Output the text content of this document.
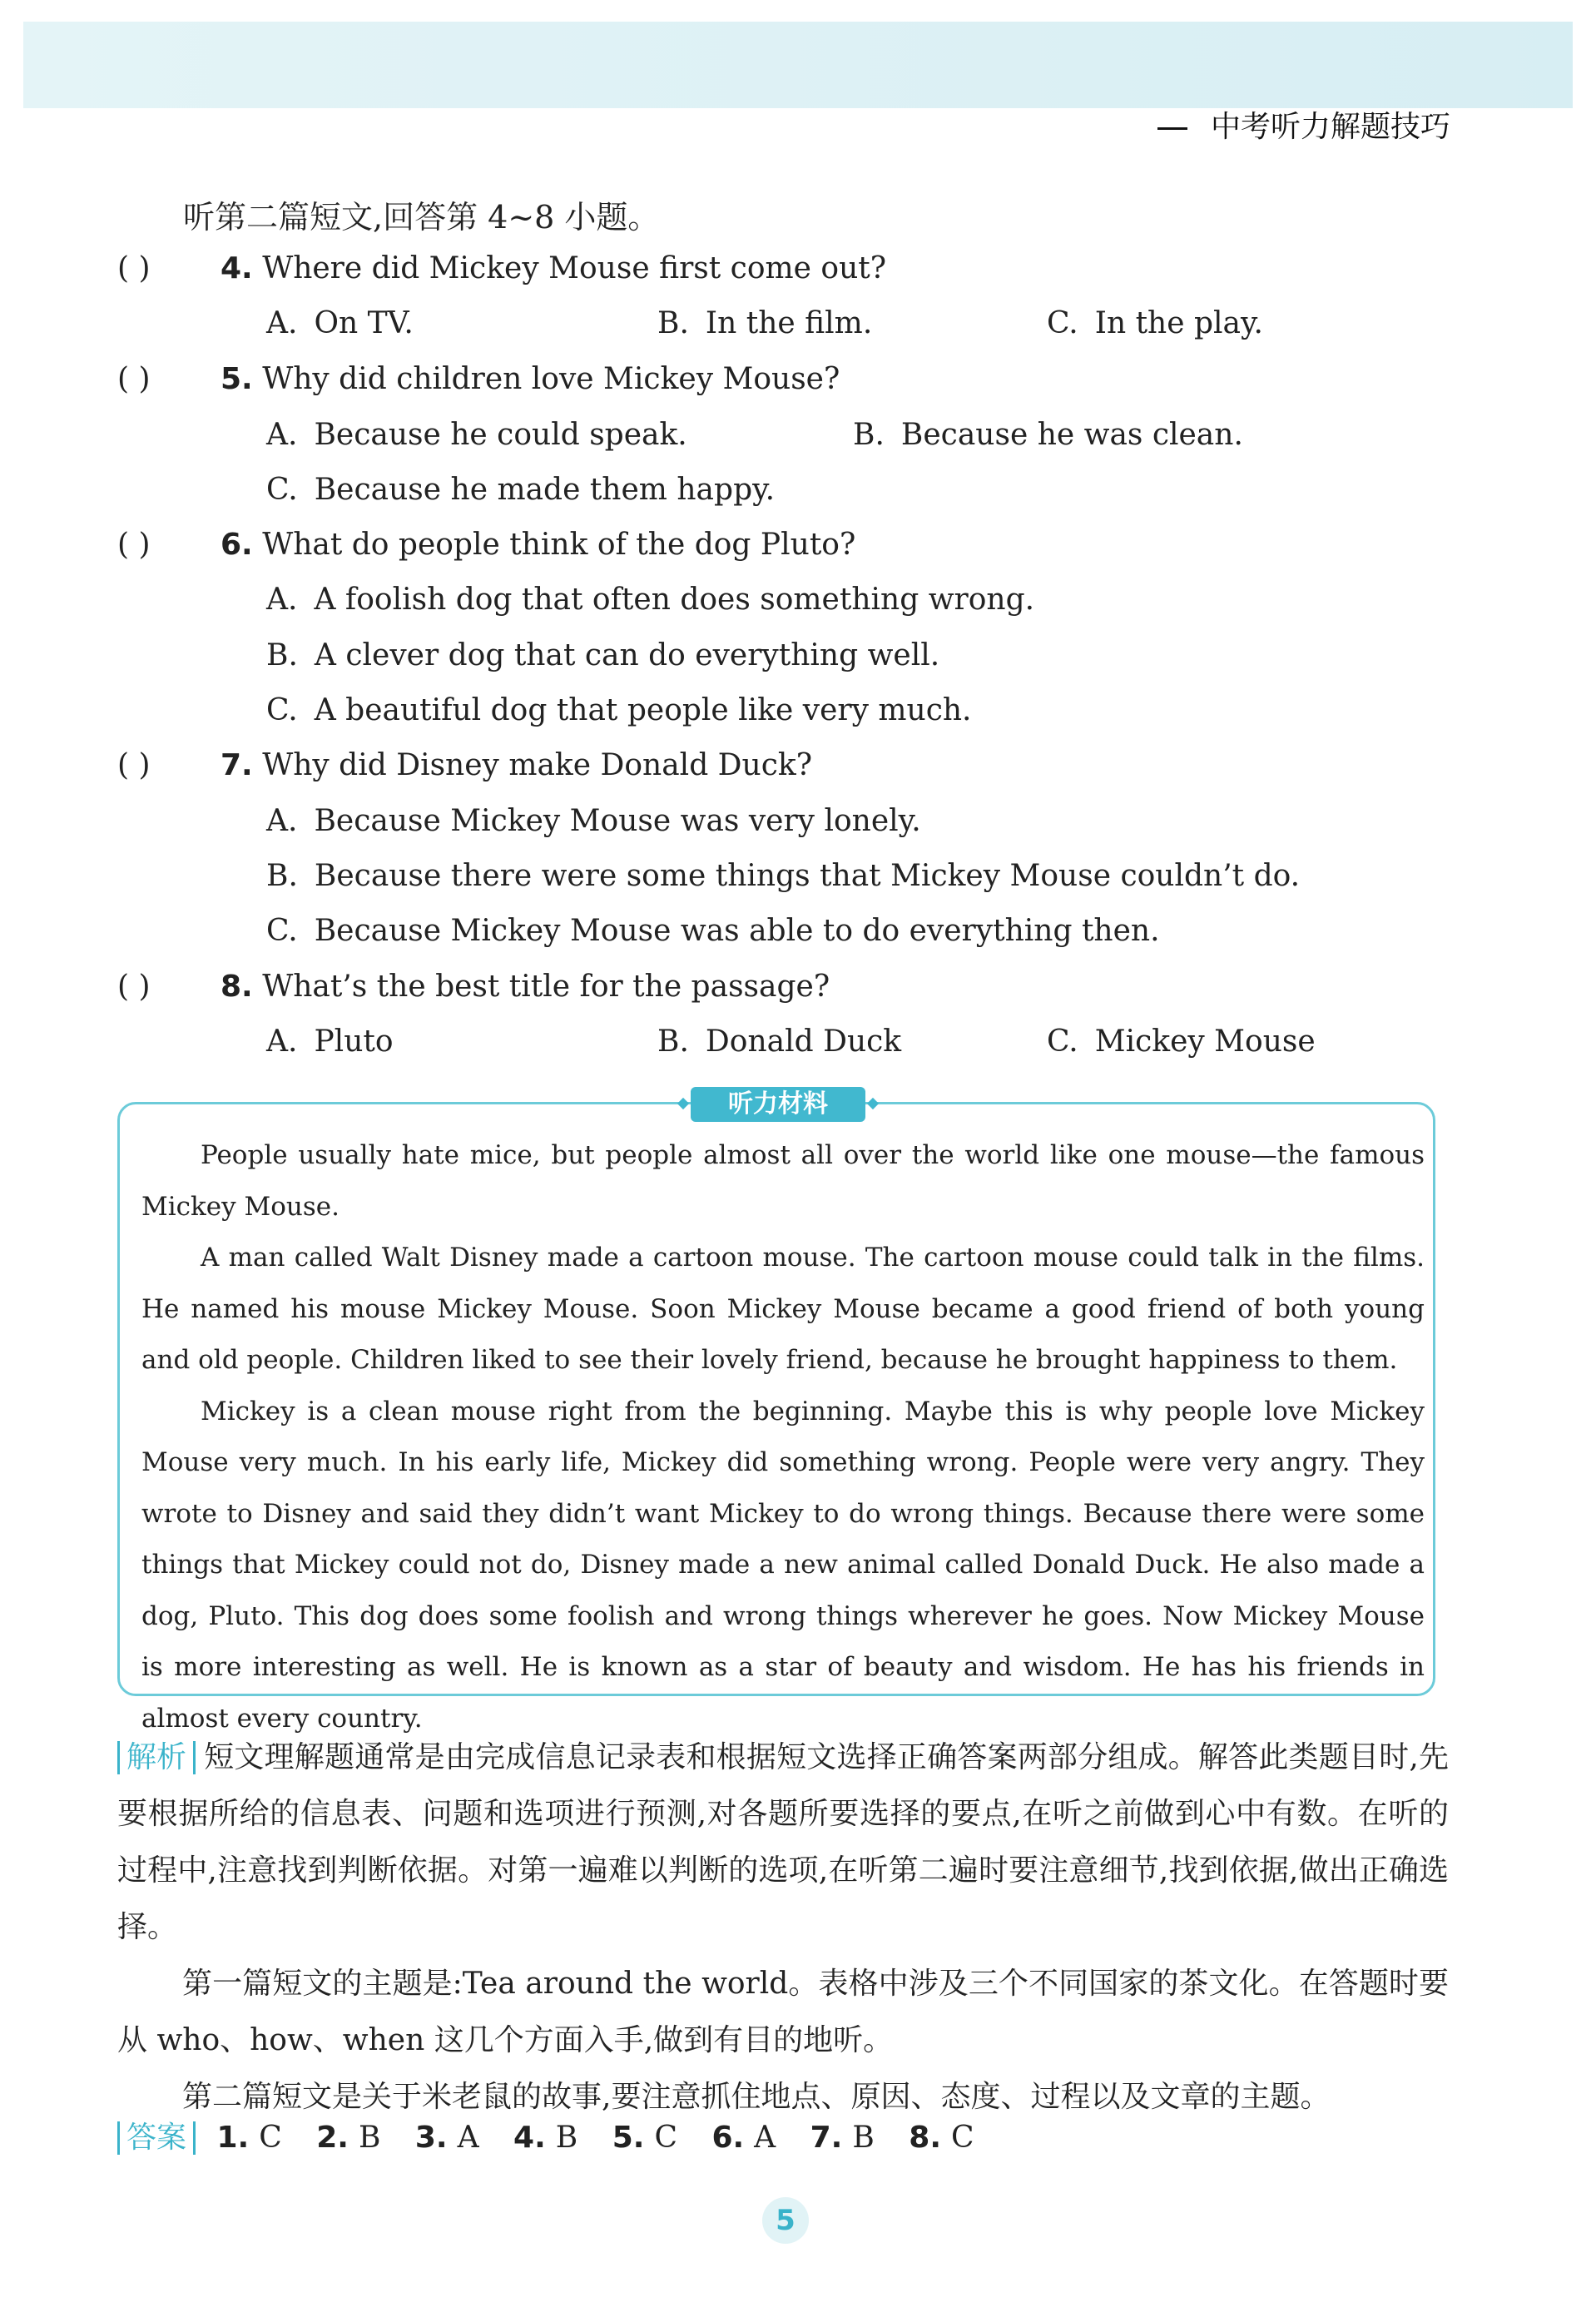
中考听力解题技巧
听第二篇短文,回答第 4~8 小题。
( ) 4. Where did Mickey Mouse first come out?
A. On TV.	B. In the film.	C. In the play.
( ) 5. Why did children love Mickey Mouse?
A. Because he could speak.	B. Because he was clean.
C. Because he made them happy.
( ) 6. What do people think of the dog Pluto?
A. A foolish dog that often does something wrong.
B. A clever dog that can do everything well.
C. A beautiful dog that people like very much.
( ) 7. Why did Disney make Donald Duck?
A. Because Mickey Mouse was very lonely.
B. Because there were some things that Mickey Mouse couldn’t do.
C. Because Mickey Mouse was able to do everything then.
( ) 8. What’s the best title for the passage?
A. Pluto	B. Donald Duck	C. Mickey Mouse
听力材料

People usually hate mice, but people almost all over the world like one mouse—the famous Mickey Mouse.

A man called Walt Disney made a cartoon mouse. The cartoon mouse could talk in the films. He named his mouse Mickey Mouse. Soon Mickey Mouse became a good friend of both young and old people. Children liked to see their lovely friend, because he brought happiness to them.

Mickey is a clean mouse right from the beginning. Maybe this is why people love Mickey Mouse very much. In his early life, Mickey did something wrong. People were very angry. They wrote to Disney and said they didn’t want Mickey to do wrong things. Because there were some things that Mickey could not do, Disney made a new animal called Donald Duck. He also made a dog, Pluto. This dog does some foolish and wrong things wherever he goes. Now Mickey Mouse is more interesting as well. He is known as a star of beauty and wisdom. He has his friends in almost every country.

解析 短文理解题通常是由完成信息记录表和根据短文选择正确答案两部分组成。解答此类题目时,先要根据所给的信息表、问题和选项进行预测,对各题所要选择的要点,在听之前做到心中有数。在听的过程中,注意找到判断依据。对第一遍难以判断的选项,在听第二遍时要注意细节,找到依据,做出正确选择。

第一篇短文的主题是:Tea around the world。表格中涉及三个不同国家的茶文化。在答题时要从 who、how、when 这几个方面入手,做到有目的地听。

第二篇短文是关于米老鼠的故事,要注意抓住地点、原因、态度、过程以及文章的主题。

答案 1. C 2. B 3. A 4. B 5. C 6. A 7. B 8. C
5
